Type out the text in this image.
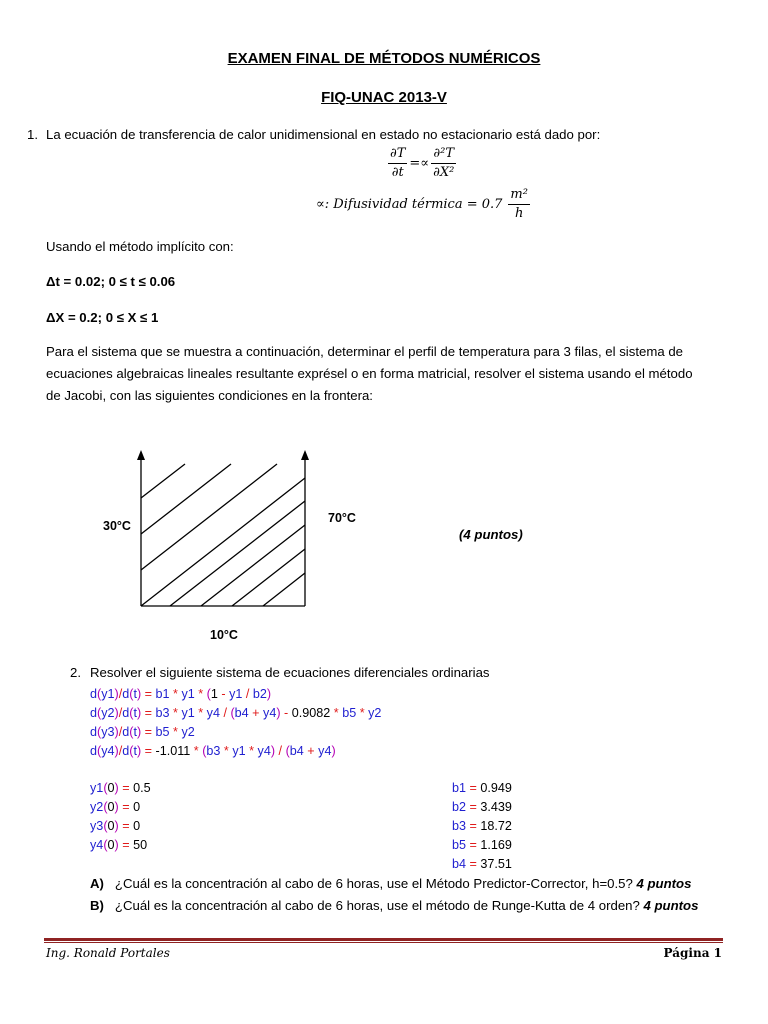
EXAMEN FINAL DE MÉTODOS NUMÉRICOS
FIQ-UNAC 2013-V
1. La ecuación de transferencia de calor unidimensional en estado no estacionario está dado por:
$\frac{\partial T}{\partial t} =\propto \frac{\text{∂²T}}{\text{∂X²}}$
∝: Difusividad térmica = $0.7 \frac{\text{m²}}{h}$
Usando el método implícito con:
Δt = 0.02; 0 ≤ t ≤ 0.06
ΔX = 0.2; 0 ≤ X ≤ 1
Para el sistema que se muestra a continuación, determinar el perfil de temperatura para 3 filas, el sistema de
ecuaciones algebraicas lineales resultante exprésel o en forma matricial, resolver el sistema usando el método
de Jacobi, con las siguientes condiciones en la frontera:
30°C
70°C
10°C
(4 puntos)
2. Resolver el siguiente sistema de ecuaciones diferenciales ordinarias
d(y1)/d(t) = b1 * y1 * (1 - y1 / b2)
d(y2)/d(t) = b3 * y1 * y4 / (b4 + y4) - 0.9082 * b5 * y2
d(y3)/d(t) = b5 * y2
d(y4)/d(t) = -1.011 * (b3 * y1 * y4) / (b4 + y4)
y1(0) = 0.5
y2(0) = 0
y3(0) = 0
y4(0) = 50
b1 = 0.949
b2 = 3.439
b3 = 18.72
b5 = 1.169
b4 = 37.51
A) ¿Cuál es la concentración al cabo de 6 horas, use el Método Predictor-Corrector, h=0.5? 4 puntos
B) ¿Cuál es la concentración al cabo de 6 horas, use el método de Runge-Kutta de 4 orden? 4 puntos
Ing. Ronald Portales	Página 1
